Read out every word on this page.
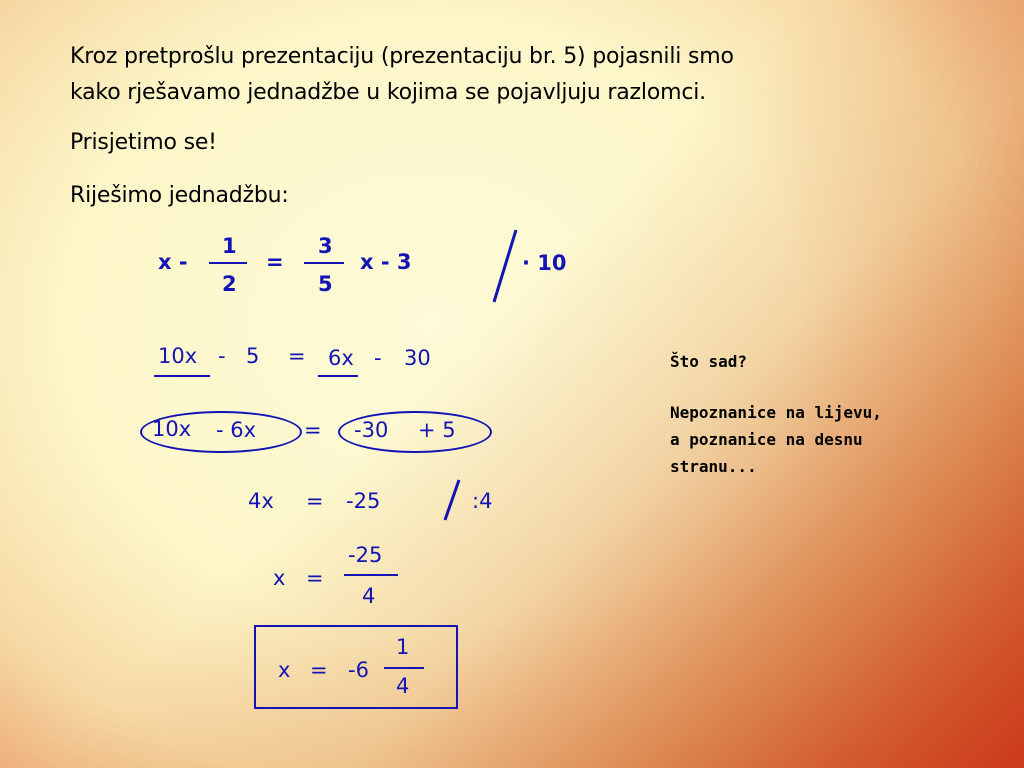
Kroz pretprošlu prezentaciju (prezentaciju br. 5) pojasnili smo
kako rješavamo jednadžbe u kojima se pojavljuju razlomci.
Prisjetimo se!
Riješimo jednadžbu:
x -
1
2
=
3
5
x - 3	· 10
10x - 5 = 6x - 30
10x - 6x = -30 + 5
4x = -25	:4
x =
-25
4
x = -6
1
4
Što sad?
Nepoznanice na lijevu,
a poznanice na desnu
stranu...
